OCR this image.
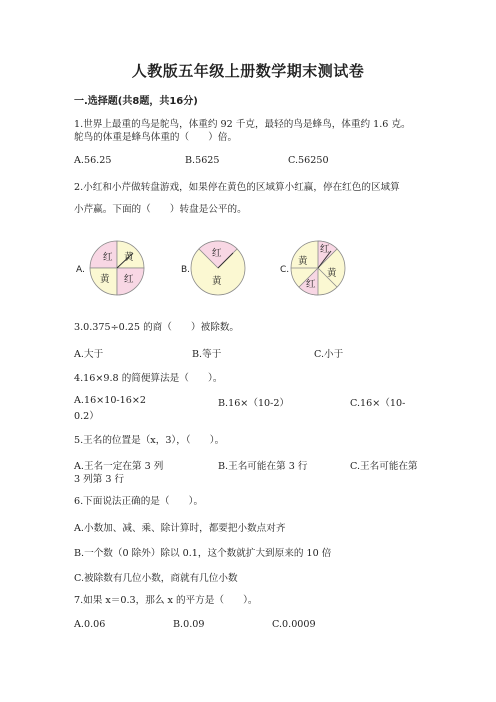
人教版五年级上册数学期末测试卷
一.选择题(共8题，共16分)
1.世界上最重的鸟是鸵鸟，体重约 92 千克，最轻的鸟是蜂鸟，体重约 1.6 克。
鸵鸟的体重是蜂鸟体重的（　　）倍。
A.56.25	B.5625	C.56250
2.小红和小芹做转盘游戏，如果停在黄色的区域算小红赢，停在红色的区域算
小芹赢。下面的（　　）转盘是公平的。
A.
红 黄
黄 红
B.
红
黄
C.
红
黄
黄
红
3.0.375÷0.25 的商（　　）被除数。
A.大于	B.等于	C.小于
4.16×9.8 的简便算法是（　　）。
A.16×10-16×2	B.16×（10-2）	C.16×（10-
0.2）
5.王名的位置是（x，3），（　　）。
A.王名一定在第 3 列	B.王名可能在第 3 行	C.王名可能在第
3 列第 3 行
6.下面说法正确的是（　　）。
A.小数加、减、乘、除计算时，都要把小数点对齐
B.一个数（0 除外）除以 0.1，这个数就扩大到原来的 10 倍
C.被除数有几位小数，商就有几位小数
7.如果 x＝0.3，那么 x 的平方是（　　）。
A.0.06	B.0.09	C.0.0009
